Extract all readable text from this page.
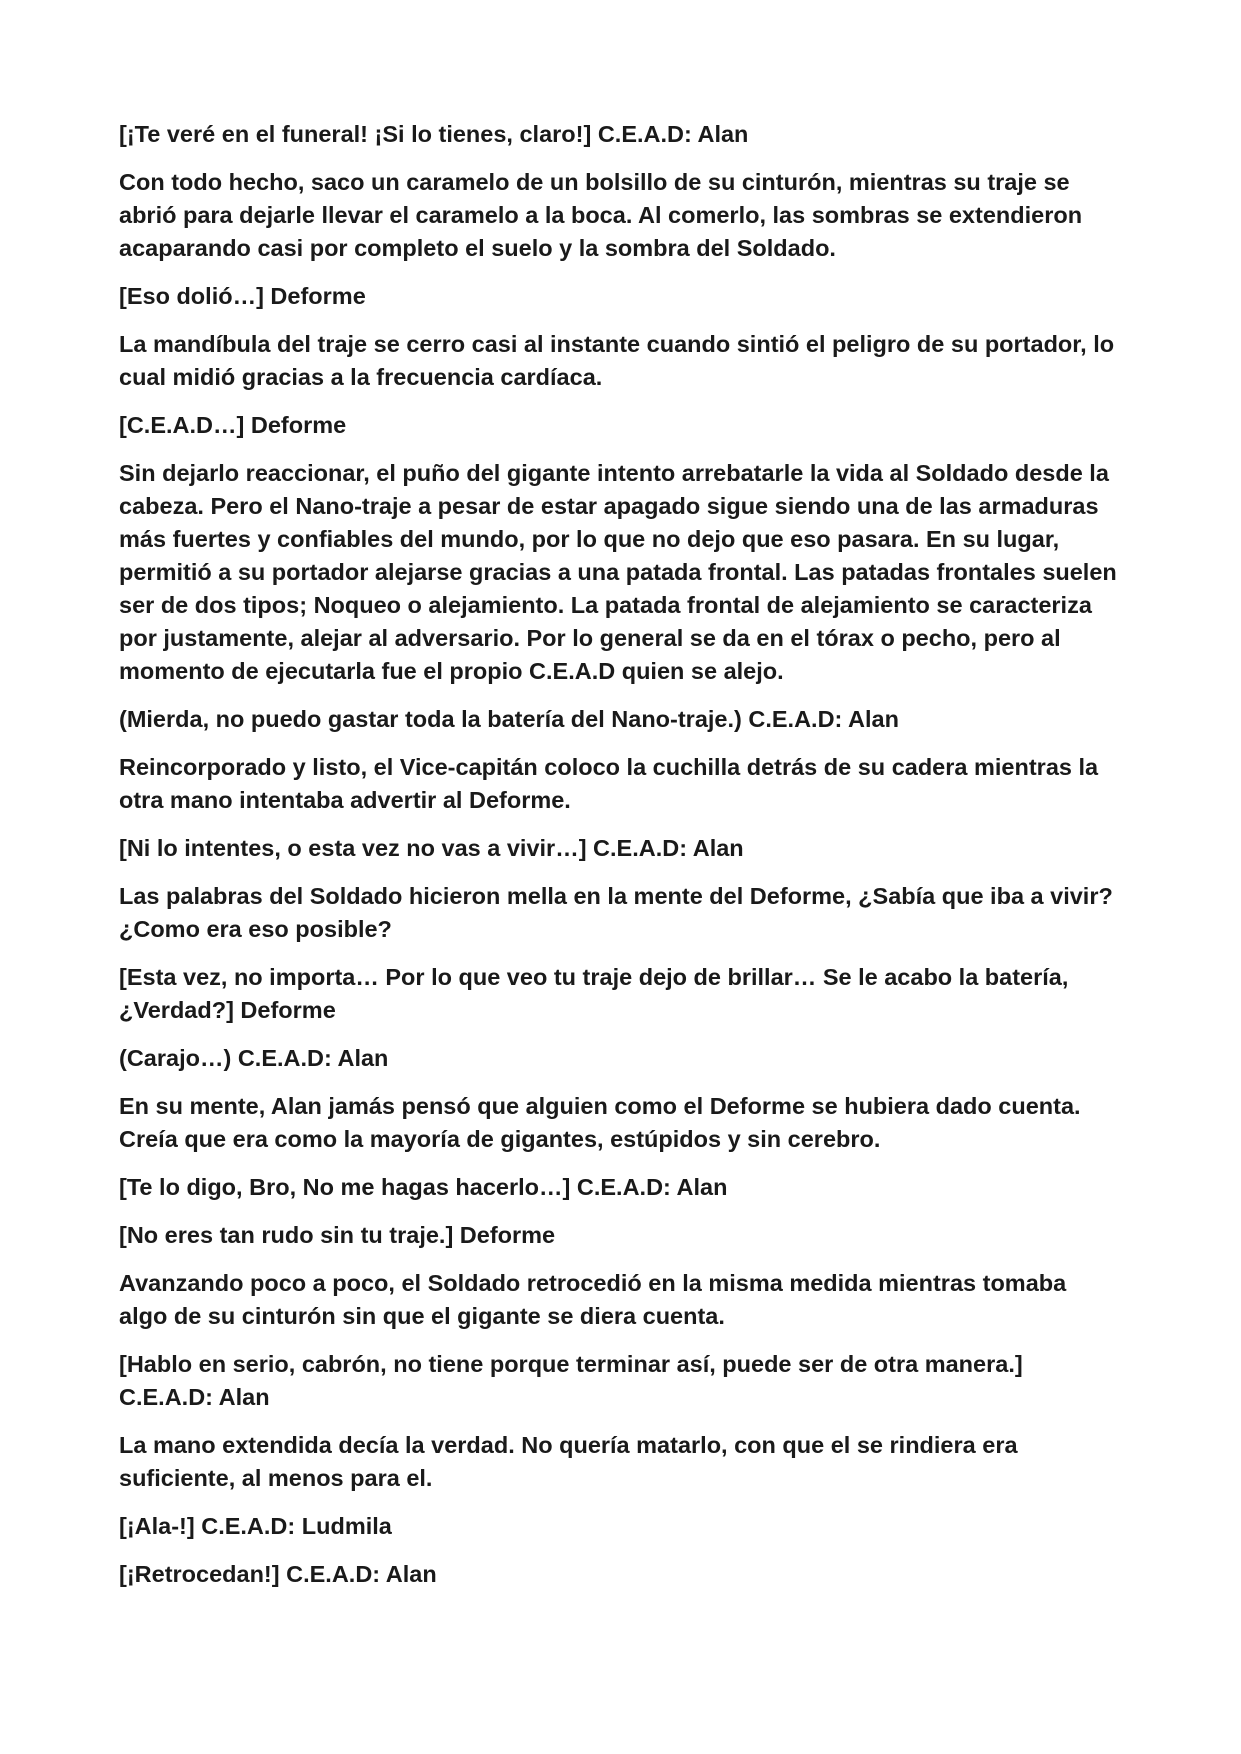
[¡Te veré en el funeral! ¡Si lo tienes, claro!] C.E.A.D: Alan

Con todo hecho, saco un caramelo de un bolsillo de su cinturón, mientras su traje se abrió para dejarle llevar el caramelo a la boca. Al comerlo, las sombras se extendieron acaparando casi por completo el suelo y la sombra del Soldado.

[Eso dolió…] Deforme

La mandíbula del traje se cerro casi al instante cuando sintió el peligro de su portador, lo cual midió gracias a la frecuencia cardíaca.

[C.E.A.D…] Deforme

Sin dejarlo reaccionar, el puño del gigante intento arrebatarle la vida al Soldado desde la cabeza. Pero el Nano-traje a pesar de estar apagado sigue siendo una de las armaduras más fuertes y confiables del mundo, por lo que no dejo que eso pasara. En su lugar, permitió a su portador alejarse gracias a una patada frontal. Las patadas frontales suelen ser de dos tipos; Noqueo o alejamiento. La patada frontal de alejamiento se caracteriza por justamente, alejar al adversario. Por lo general se da en el tórax o pecho, pero al momento de ejecutarla fue el propio C.E.A.D quien se alejo.

(Mierda, no puedo gastar toda la batería del Nano-traje.) C.E.A.D: Alan

Reincorporado y listo, el Vice-capitán coloco la cuchilla detrás de su cadera mientras la otra mano intentaba advertir al Deforme.

[Ni lo intentes, o esta vez no vas a vivir…] C.E.A.D: Alan

Las palabras del Soldado hicieron mella en la mente del Deforme, ¿Sabía que iba a vivir? ¿Como era eso posible?

[Esta vez, no importa… Por lo que veo tu traje dejo de brillar… Se le acabo la batería, ¿Verdad?] Deforme

(Carajo…) C.E.A.D: Alan

En su mente, Alan jamás pensó que alguien como el Deforme se hubiera dado cuenta. Creía que era como la mayoría de gigantes, estúpidos y sin cerebro.

[Te lo digo, Bro, No me hagas hacerlo…] C.E.A.D: Alan

[No eres tan rudo sin tu traje.] Deforme

Avanzando poco a poco, el Soldado retrocedió en la misma medida mientras tomaba algo de su cinturón sin que el gigante se diera cuenta.

[Hablo en serio, cabrón, no tiene porque terminar así, puede ser de otra manera.] C.E.A.D: Alan

La mano extendida decía la verdad. No quería matarlo, con que el se rindiera era suficiente, al menos para el.

[¡Ala-!] C.E.A.D: Ludmila

[¡Retrocedan!] C.E.A.D: Alan
